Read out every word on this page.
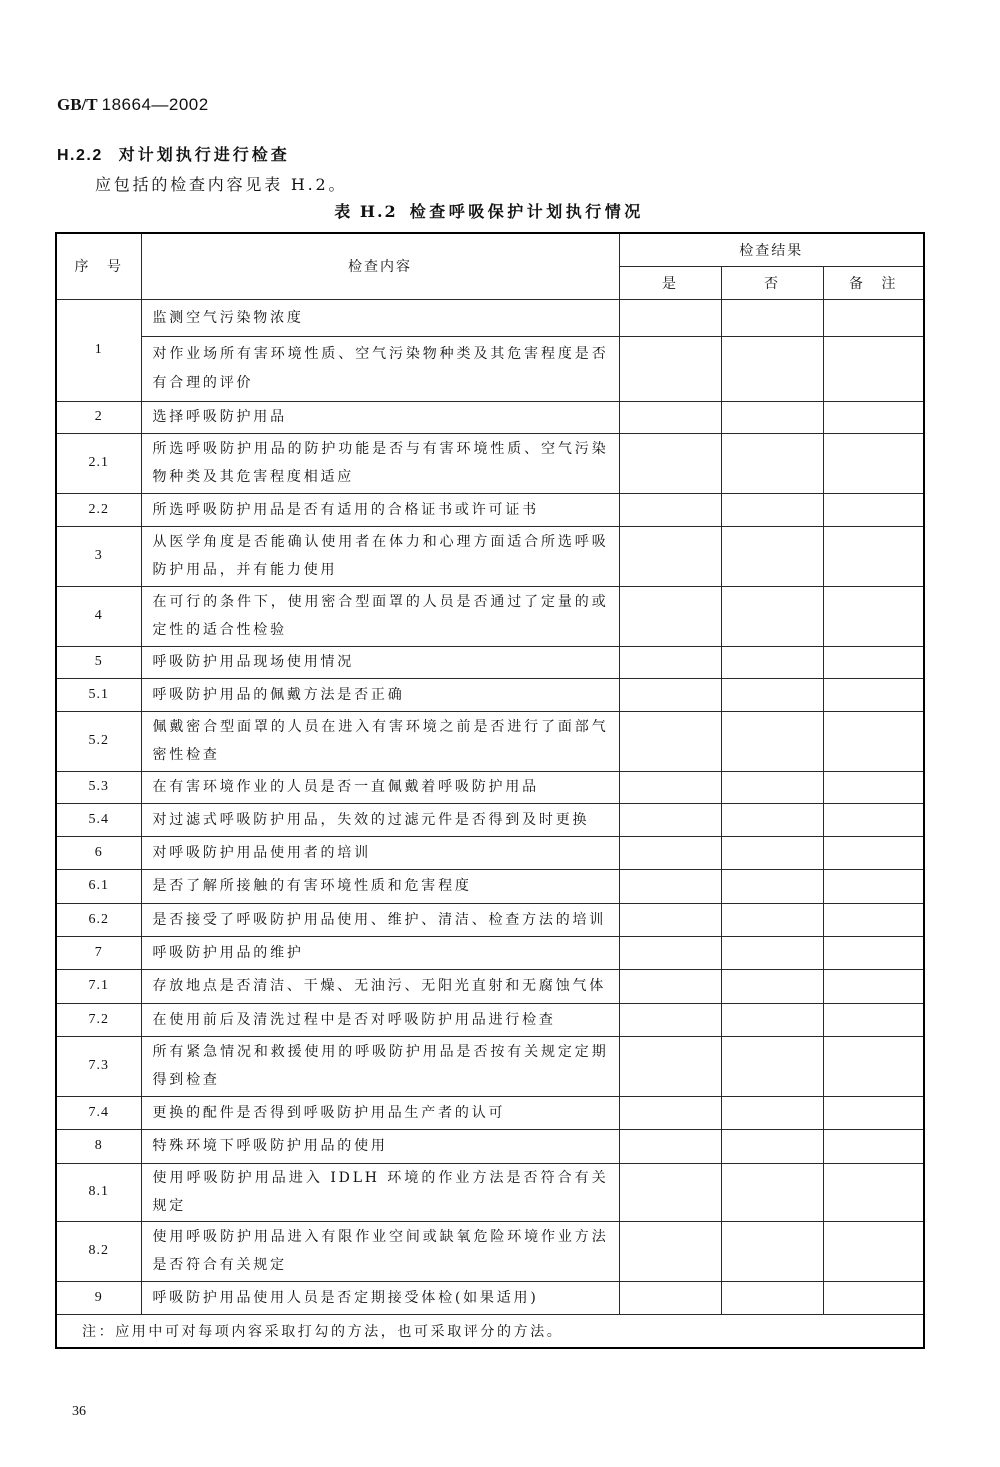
GB/T 18664—2002
H.2.2 对计划执行进行检查
应包括的检查内容见表 H.2。
表 H.2 检查呼吸保护计划执行情况
序 号	检查内容	检查结果		
		是	否	备 注
1	监测空气污染物浓度			
	对作业场所有害环境性质、空气污染物种类及其危害程度是否有合理的评价			
2	选择呼吸防护用品			
2.1	所选呼吸防护用品的防护功能是否与有害环境性质、空气污染物种类及其危害程度相适应			
2.2	所选呼吸防护用品是否有适用的合格证书或许可证书			
3	从医学角度是否能确认使用者在体力和心理方面适合所选呼吸防护用品，并有能力使用			
4	在可行的条件下，使用密合型面罩的人员是否通过了定量的或定性的适合性检验			
5	呼吸防护用品现场使用情况			
5.1	呼吸防护用品的佩戴方法是否正确			
5.2	佩戴密合型面罩的人员在进入有害环境之前是否进行了面部气密性检查			
5.3	在有害环境作业的人员是否一直佩戴着呼吸防护用品			
5.4	对过滤式呼吸防护用品，失效的过滤元件是否得到及时更换			
6	对呼吸防护用品使用者的培训			
6.1	是否了解所接触的有害环境性质和危害程度			
6.2	是否接受了呼吸防护用品使用、维护、清洁、检查方法的培训			
7	呼吸防护用品的维护			
7.1	存放地点是否清洁、干燥、无油污、无阳光直射和无腐蚀气体			
7.2	在使用前后及清洗过程中是否对呼吸防护用品进行检查			
7.3	所有紧急情况和救援使用的呼吸防护用品是否按有关规定定期得到检查			
7.4	更换的配件是否得到呼吸防护用品生产者的认可			
8	特殊环境下呼吸防护用品的使用			
8.1	使用呼吸防护用品进入 IDLH 环境的作业方法是否符合有关规定			
8.2	使用呼吸防护用品进入有限作业空间或缺氧危险环境作业方法是否符合有关规定			
9	呼吸防护用品使用人员是否定期接受体检(如果适用)			
注：应用中可对每项内容采取打勾的方法，也可采取评分的方法。				
36
